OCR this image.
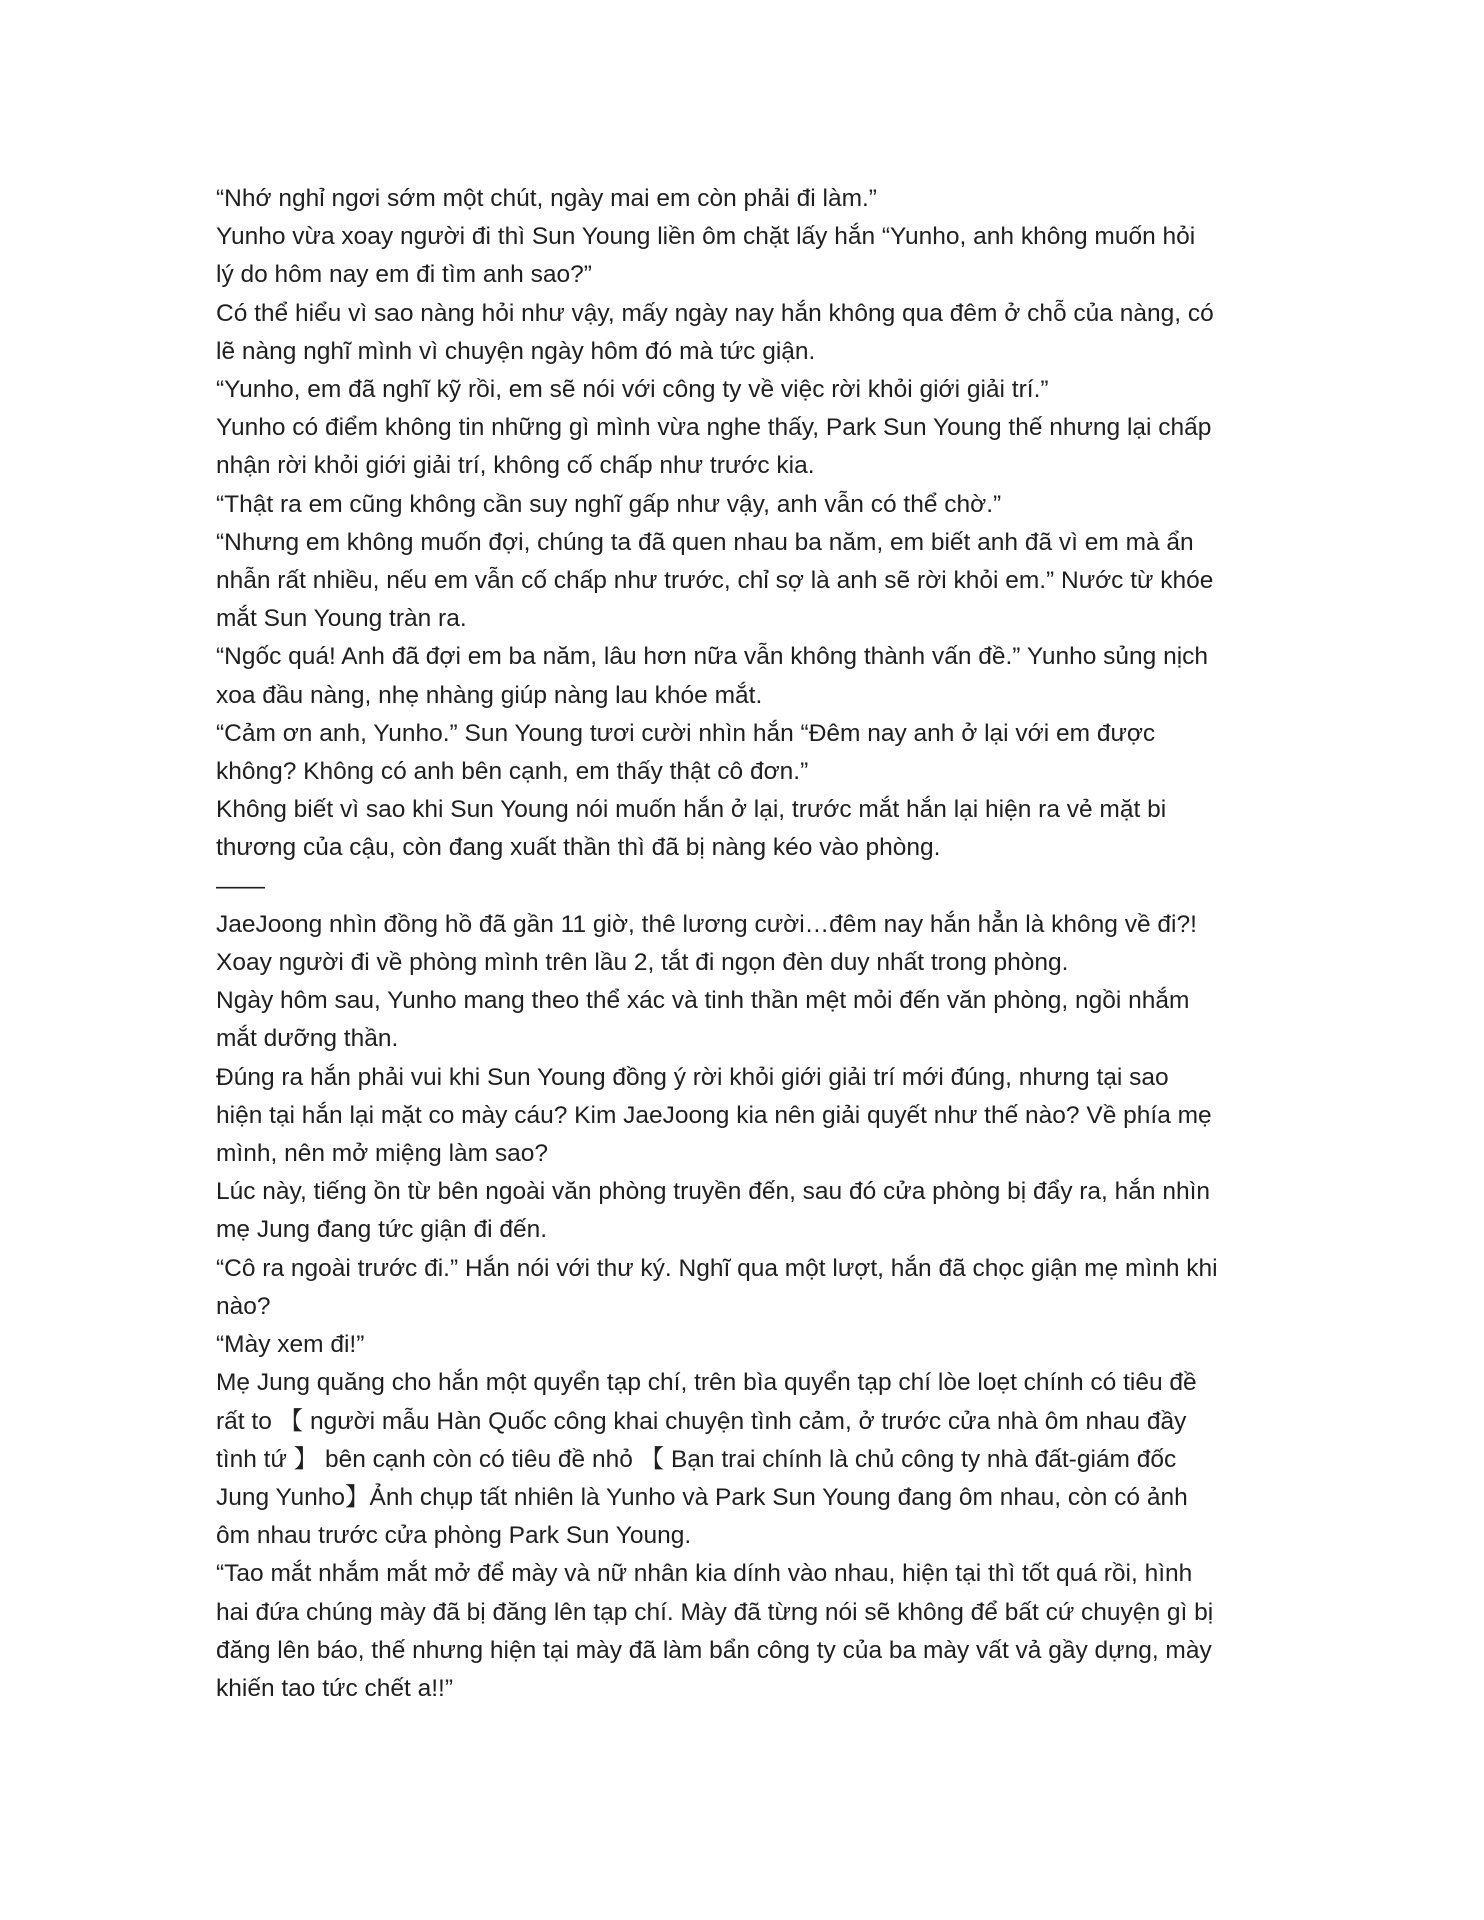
“Nhớ nghỉ ngơi sớm một chút, ngày mai em còn phải đi làm.”
Yunho vừa xoay người đi thì Sun Young liền ôm chặt lấy hắn “Yunho, anh không muốn hỏi
lý do hôm nay em đi tìm anh sao?”
Có thể hiểu vì sao nàng hỏi như vậy, mấy ngày nay hắn không qua đêm ở chỗ của nàng, có
lẽ nàng nghĩ mình vì chuyện ngày hôm đó mà tức giận.
“Yunho, em đã nghĩ kỹ rồi, em sẽ nói với công ty về việc rời khỏi giới giải trí.”
Yunho có điểm không tin những gì mình vừa nghe thấy, Park Sun Young thế nhưng lại chấp
nhận rời khỏi giới giải trí, không cố chấp như trước kia.
“Thật ra em cũng không cần suy nghĩ gấp như vậy, anh vẫn có thể chờ.”
“Nhưng em không muốn đợi, chúng ta đã quen nhau ba năm, em biết anh đã vì em mà ẩn
nhẫn rất nhiều, nếu em vẫn cố chấp như trước, chỉ sợ là anh sẽ rời khỏi em.” Nước từ khóe
mắt Sun Young tràn ra.
“Ngốc quá! Anh đã đợi em ba năm, lâu hơn nữa vẫn không thành vấn đề.” Yunho sủng nịch
xoa đầu nàng, nhẹ nhàng giúp nàng lau khóe mắt.
“Cảm ơn anh, Yunho.” Sun Young tươi cười nhìn hắn “Đêm nay anh ở lại với em được
không? Không có anh bên cạnh, em thấy thật cô đơn.”
Không biết vì sao khi Sun Young nói muốn hắn ở lại, trước mắt hắn lại hiện ra vẻ mặt bi
thương của cậu, còn đang xuất thần thì đã bị nàng kéo vào phòng.
——
JaeJoong nhìn đồng hồ đã gần 11 giờ, thê lương cười…đêm nay hắn hẳn là không về đi?!
Xoay người đi về phòng mình trên lầu 2, tắt đi ngọn đèn duy nhất trong phòng.
Ngày hôm sau, Yunho mang theo thể xác và tinh thần mệt mỏi đến văn phòng, ngồi nhắm
mắt dưỡng thần.
Đúng ra hắn phải vui khi Sun Young đồng ý rời khỏi giới giải trí mới đúng, nhưng tại sao
hiện tại hắn lại mặt co mày cáu? Kim JaeJoong kia nên giải quyết như thế nào? Về phía mẹ
mình, nên mở miệng làm sao?
Lúc này, tiếng ồn từ bên ngoài văn phòng truyền đến, sau đó cửa phòng bị đẩy ra, hắn nhìn
mẹ Jung đang tức giận đi đến.
“Cô ra ngoài trước đi.” Hắn nói với thư ký. Nghĩ qua một lượt, hắn đã chọc giận mẹ mình khi
nào?
“Mày xem đi!”
Mẹ Jung quăng cho hắn một quyển tạp chí, trên bìa quyển tạp chí lòe loẹt chính có tiêu đề
rất to 【 người mẫu Hàn Quốc công khai chuyện tình cảm, ở trước cửa nhà ôm nhau đầy
tình tứ 】 bên cạnh còn có tiêu đề nhỏ 【 Bạn trai chính là chủ công ty nhà đất-giám đốc
Jung Yunho】Ảnh chụp tất nhiên là Yunho và Park Sun Young đang ôm nhau, còn có ảnh
ôm nhau trước cửa phòng Park Sun Young.
“Tao mắt nhắm mắt mở để mày và nữ nhân kia dính vào nhau, hiện tại thì tốt quá rồi, hình
hai đứa chúng mày đã bị đăng lên tạp chí. Mày đã từng nói sẽ không để bất cứ chuyện gì bị
đăng lên báo, thế nhưng hiện tại mày đã làm bẩn công ty của ba mày vất vả gầy dựng, mày
khiến tao tức chết a!!”
